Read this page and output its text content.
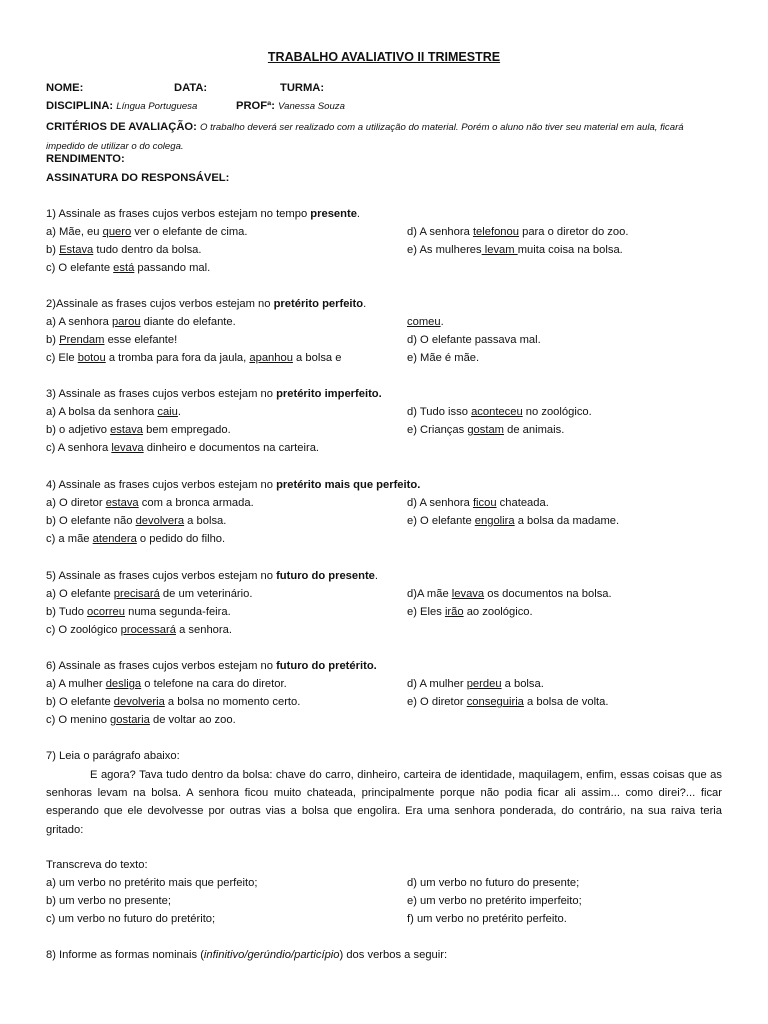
TRABALHO AVALIATIVO II TRIMESTRE
NOME:	DATA:	TURMA:
DISCIPLINA: Língua Portuguesa	PROFª: Vanessa Souza
CRITÉRIOS DE AVALIAÇÃO: O trabalho deverá ser realizado com a utilização do material. Porém o aluno não tiver seu material em aula, ficará impedido de utilizar o do colega.
RENDIMENTO:
ASSINATURA DO RESPONSÁVEL:
1) Assinale as frases cujos verbos estejam no tempo presente.
a) Mãe, eu quero ver o elefante de cima.
b) Estava tudo dentro da bolsa.
c) O elefante está passando mal.
d) A senhora telefonou para o diretor do zoo.
e) As mulheres levam muita coisa na bolsa.
2)Assinale as frases cujos verbos estejam no pretérito perfeito.
a) A senhora parou diante do elefante.
b) Prendam esse elefante!
c) Ele botou a tromba para fora da jaula, apanhou a bolsa e
comeu.
d) O elefante passava mal.
e) Mãe é mãe.
3) Assinale as frases cujos verbos estejam no pretérito imperfeito.
a) A bolsa da senhora caiu.
b) o adjetivo estava bem empregado.
c) A senhora levava dinheiro e documentos na carteira.
d) Tudo isso aconteceu no zoológico.
e) Crianças gostam de animais.
4) Assinale as frases cujos verbos estejam no pretérito mais que perfeito.
a) O diretor estava com a bronca armada.
b) O elefante não devolvera a bolsa.
c) a mãe atendera o pedido do filho.
d) A senhora ficou chateada.
e) O elefante engolira a bolsa da madame.
5) Assinale as frases cujos verbos estejam no futuro do presente.
a) O elefante precisará de um veterinário.
b) Tudo ocorreu numa segunda-feira.
c) O zoológico processará a senhora.
d)A mãe levava os documentos na bolsa.
e) Eles irão ao zoológico.
6) Assinale as frases cujos verbos estejam no futuro do pretérito.
a) A mulher desliga o telefone na cara do diretor.
b) O elefante devolveria a bolsa no momento certo.
c) O menino gostaria de voltar ao zoo.
d) A mulher perdeu a bolsa.
e) O diretor conseguiria a bolsa de volta.
7) Leia o parágrafo abaixo:
E agora? Tava tudo dentro da bolsa: chave do carro, dinheiro, carteira de identidade, maquilagem, enfim, essas coisas que as senhoras levam na bolsa. A senhora ficou muito chateada, principalmente porque não podia ficar ali assim... como direi?... ficar esperando que ele devolvesse por outras vias a bolsa que engolira. Era uma senhora ponderada, do contrário, na sua raiva teria gritado:
Transcreva do texto:
a) um verbo no pretérito mais que perfeito;
b) um verbo no presente;
c) um verbo no futuro do pretérito;
d) um verbo no futuro do presente;
e) um verbo no pretérito imperfeito;
f) um verbo no pretérito perfeito.
8) Informe as formas nominais (infinitivo/gerúndio/particípio) dos verbos a seguir:
